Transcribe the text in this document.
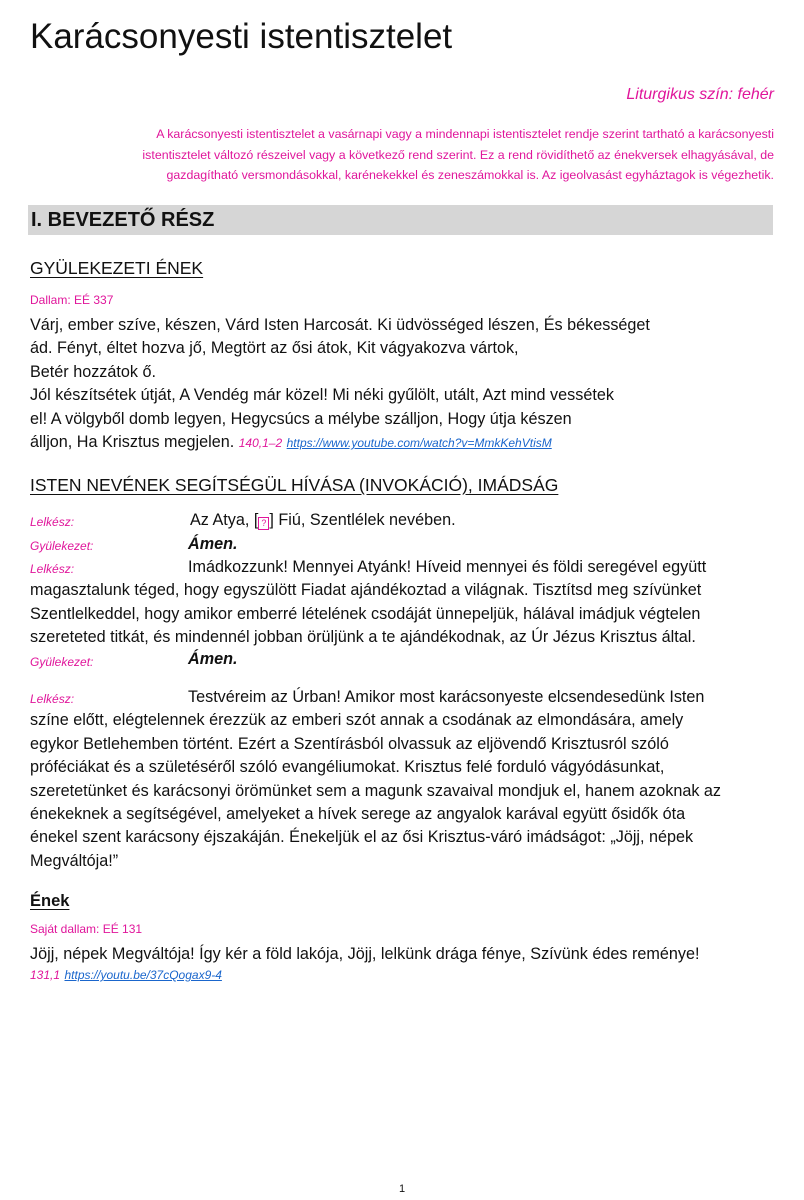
Karácsonyesti istentisztelet
Liturgikus szín: fehér
A karácsonyesti istentisztelet a vasárnapi vagy a mindennapi istentisztelet rendje szerint tartható a karácsonyesti istentisztelet változó részeivel vagy a következő rend szerint. Ez a rend rövidíthető az énekversek elhagyásával, de gazdagítható versmondásokkal, karénekekkel és zeneszámokkal is. Az igeolvasást egyháztagok is végezhetik.
I. BEVEZETŐ RÉSZ
GYÜLEKEZETI ÉNEK
Dallam: EÉ 337
Várj, ember szíve, készen, Várd Isten Harcosát. Ki üdvösséged lészen, És békességet
ád. Fényt, éltet hozva jő, Megtört az ősi átok, Kit vágyakozva vártok,
Betér hozzátok ő.
Jól készítsétek útját, A Vendég már közel! Mi néki gyűlölt, utált, Azt mind vessétek
el! A völgyből domb legyen, Hegycsúcs a mélybe szálljon, Hogy útja készen
álljon, Ha Krisztus megjelen. 140,1–2 https://www.youtube.com/watch?v=MmkKehVtisM
ISTEN NEVÉNEK SEGÍTSÉGÜL HÍVÁSA (INVOKÁCIÓ), IMÁDSÁG
Lelkész:	Az Atya, [ ? ] Fiú, Szentlélek nevében.
Gyülekezet:	Ámen.
Lelkész:	Imádkozzunk! Mennyei Atyánk! Híveid mennyei és földi seregével együtt
magasztalunk téged, hogy egyszülött Fiadat ajándékoztad a világnak. Tisztítsd meg szívünket
Szentlelkeddel, hogy amikor emberré lételének csodáját ünnepeljük, hálával imádjuk végtelen
szereteted titkát, és mindennél jobban örüljünk a te ajándékodnak, az Úr Jézus Krisztus által.
Gyülekezet:	Ámen.
Lelkész:	Testvéreim az Úrban! Amikor most karácsonyeste elcsendesedünk Isten
színe előtt, elégtelennek érezzük az emberi szót annak a csodának az elmondására, amely
egykor Betlehemben történt. Ezért a Szentírásból olvassuk az eljövendő Krisztusról szóló
próféciákat és a születéséről szóló evangéliumokat. Krisztus felé forduló vágyódásunkat,
szeretetünket és karácsonyi örömünket sem a magunk szavaival mondjuk el, hanem azoknak az
énekeknek a segítségével, amelyeket a hívek serege az angyalok karával együtt ősidők óta
énekel szent karácsony éjszakáján. Énekeljük el az ősi Krisztus-váró imádságot: „Jöjj, népek
Megváltója!”
Ének
Saját dallam: EÉ 131
Jöjj, népek Megváltója! Így kér a föld lakója, Jöjj, lelkünk drága fénye, Szívünk édes reménye!
131,1 https://youtu.be/37cQogax9-4
1
